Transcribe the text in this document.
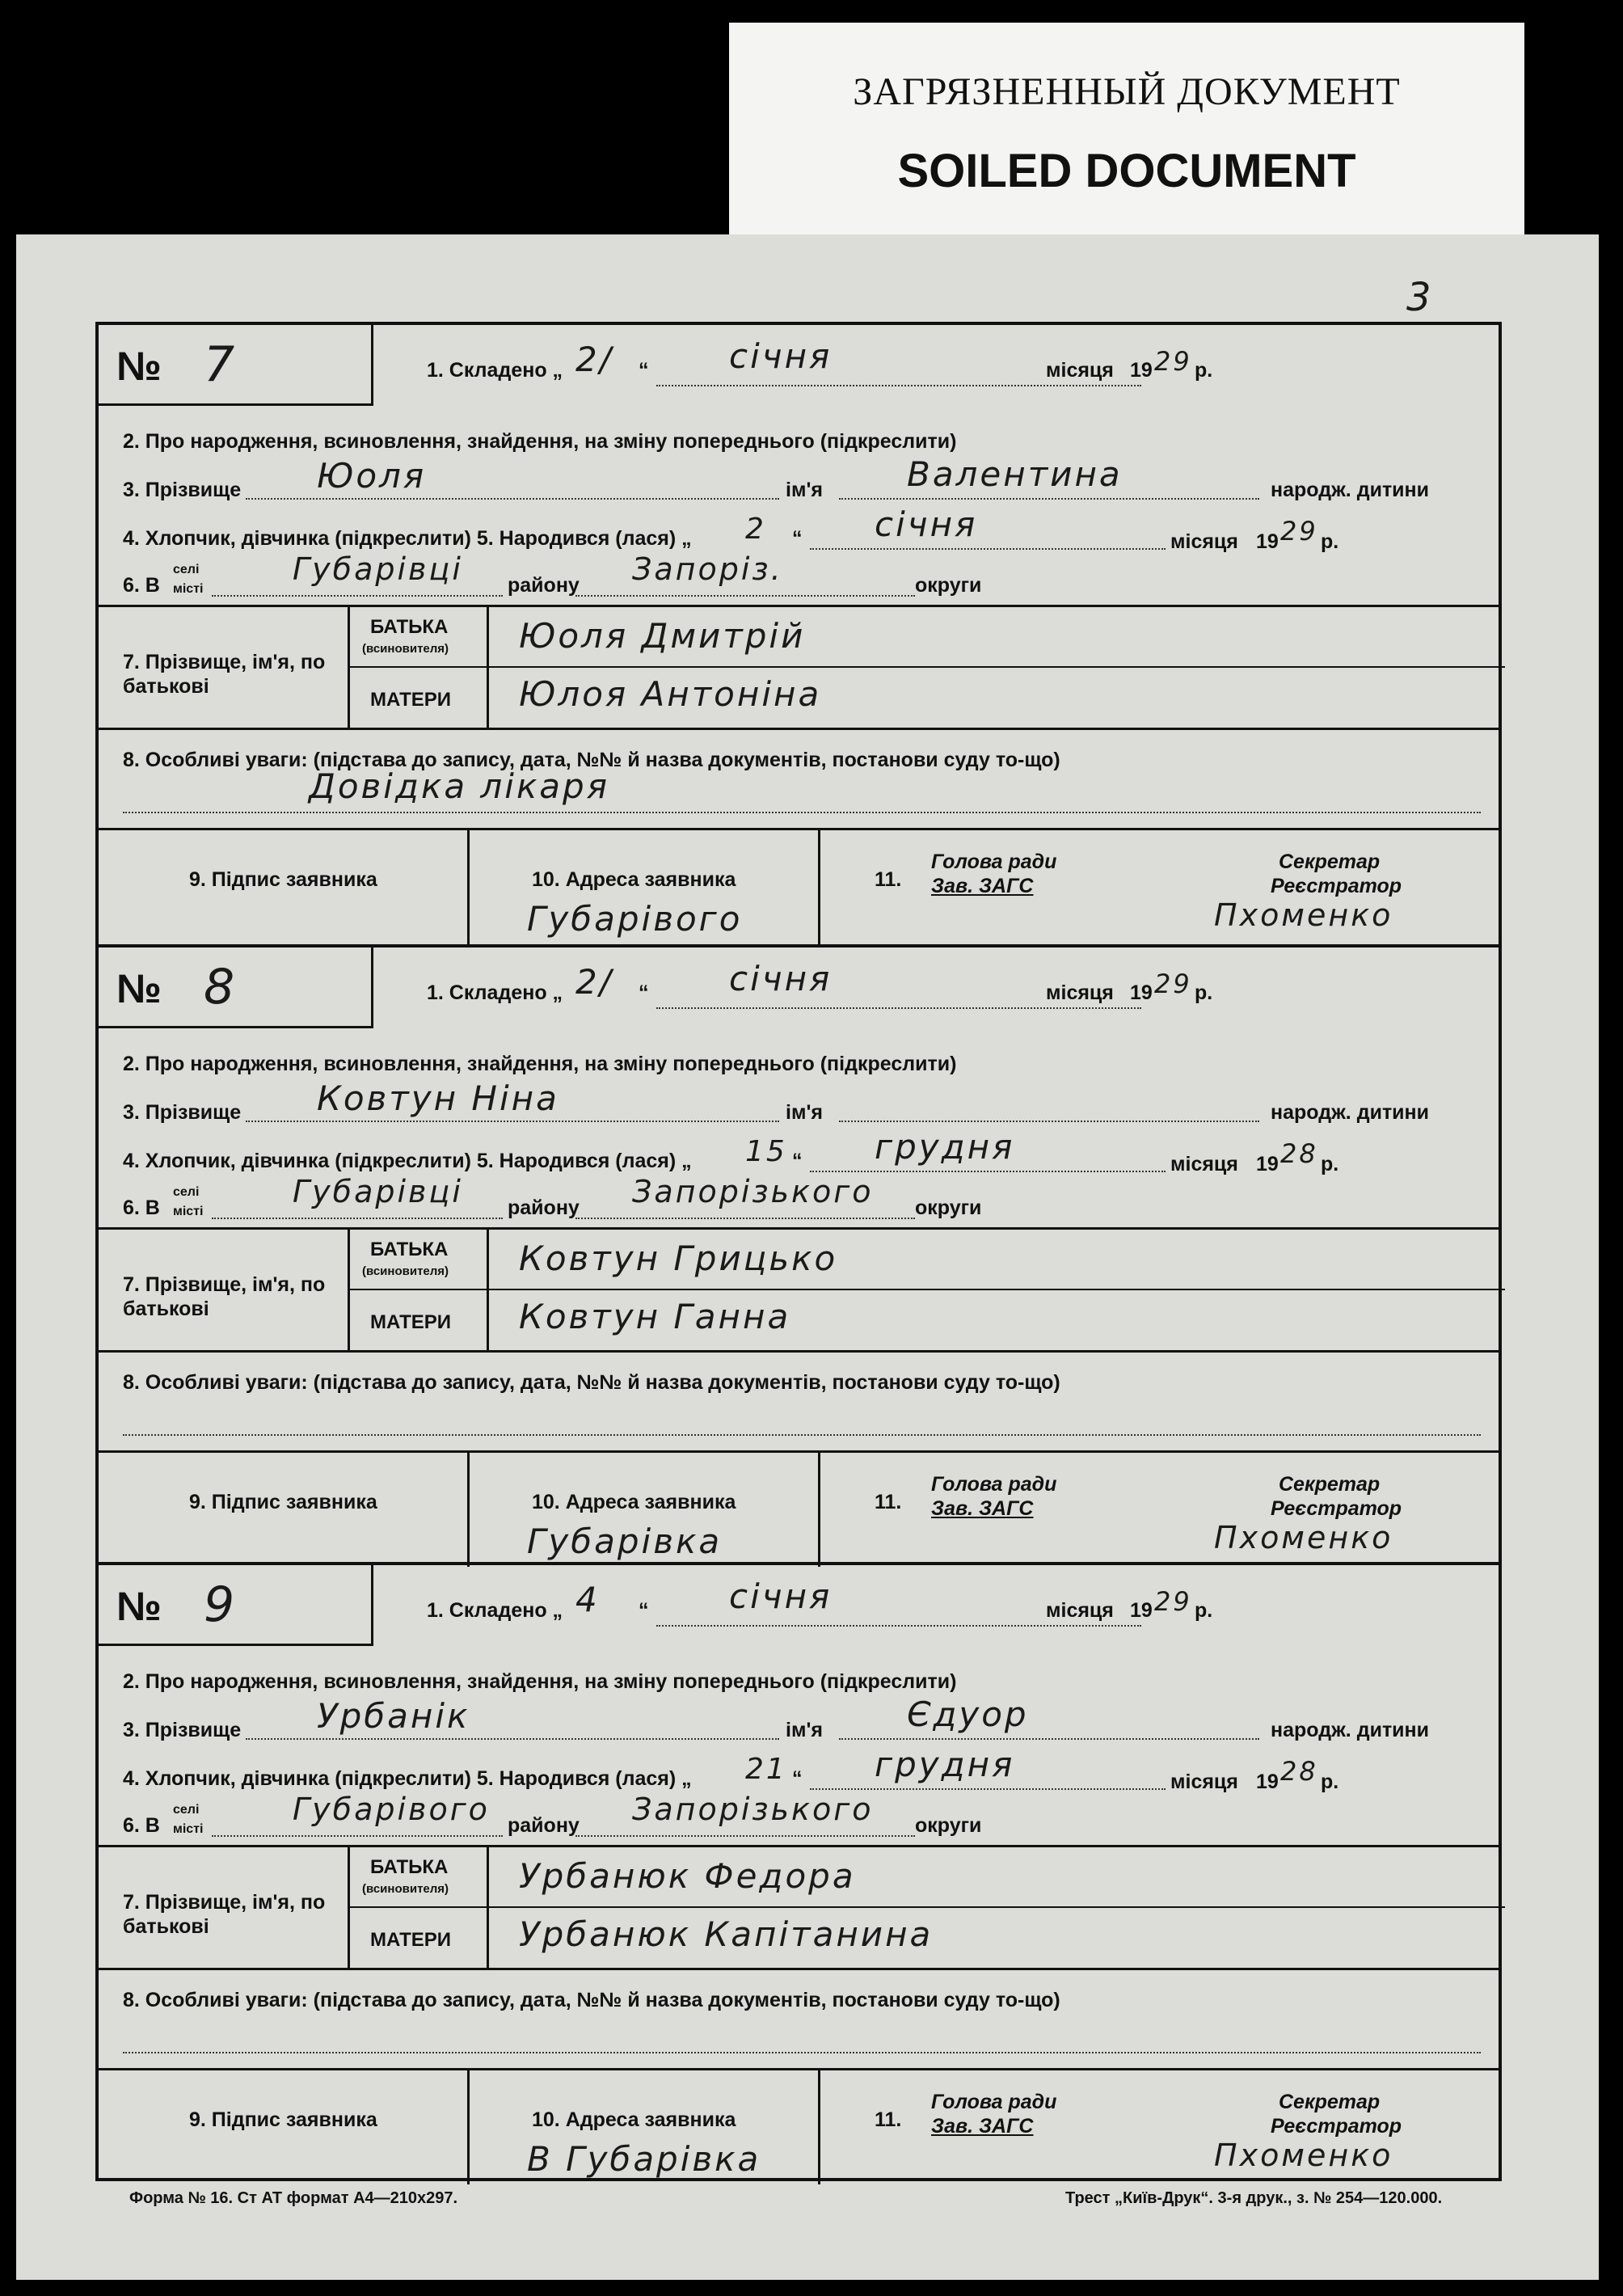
ЗАГРЯЗНЕННЫЙ ДОКУМЕНТ
SOILED DOCUMENT
3
№ 7	1. Складено „ 2/ “ січня	місяця 19 29 р.
2. Про народження, всиновлення, знайдення, на зміну попереднього (підкреслити)
3. Прізвище Юоля	ім'я Валентина	народж. дитини
4. Хлопчик, дівчинка (підкреслити) 5. Народився (лася) „ 2 “ січня	місяця 19 29 р.
6. В
селі
місті
Губарівці району Запоріз.	округи
7. Прізвище, ім'я, по батькові
БАТЬКА
(всиновителя) Юоля Дмитрій
МАТЕРИ Юлоя Антоніна
8. Особливі уваги: (підстава до запису, дата, №№ й назва документів, постанови суду то-що)
Довідка лікаря
9. Підпис заявника	10. Адреса заявника
Губарівого
11.
Голова ради
Зав. ЗАГС
Секретар
Реєстратор
Пхоменко
№ 8	1. Складено „ 2/ “ січня	місяця 19 29 р.
2. Про народження, всиновлення, знайдення, на зміну попереднього (підкреслити)
3. Прізвище Ковтун Ніна	ім'я	народж. дитини
4. Хлопчик, дівчинка (підкреслити) 5. Народився (лася) „ 15 “ грудня	місяця 19 28 р.
6. В
селі
місті
Губарівці району Запорізького округи
7. Прізвище, ім'я, по батькові
БАТЬКА
(всиновителя) Ковтун Грицько
МАТЕРИ Ковтун Ганна
8. Особливі уваги: (підстава до запису, дата, №№ й назва документів, постанови суду то-що)
9. Підпис заявника	10. Адреса заявника
Губарівка
11.
Голова ради
Зав. ЗАГС
Секретар
Реєстратор
Пхоменко
№ 9	1. Складено „ 4 “ січня	місяця 19 29 р.
2. Про народження, всиновлення, знайдення, на зміну попереднього (підкреслити)
3. Прізвище Урбанік	ім'я Єдуор	народж. дитини
4. Хлопчик, дівчинка (підкреслити) 5. Народився (лася) „ 21 “ грудня	місяця 19 28 р.
6. В
селі
місті
Губарівого району Запорізького округи
7. Прізвище, ім'я, по батькові
БАТЬКА
(всиновителя) Урбанюк Федора
МАТЕРИ Урбанюк Капітанина
8. Особливі уваги: (підстава до запису, дата, №№ й назва документів, постанови суду то-що)
9. Підпис заявника	10. Адреса заявника
В Губарівка
11.
Голова ради
Зав. ЗАГС
Секретар
Реєстратор
Пхоменко
Форма № 16. Ст АТ формат А4—210х297.	Трест „Київ-Друк“. 3-я друк., з. № 254—120.000.
